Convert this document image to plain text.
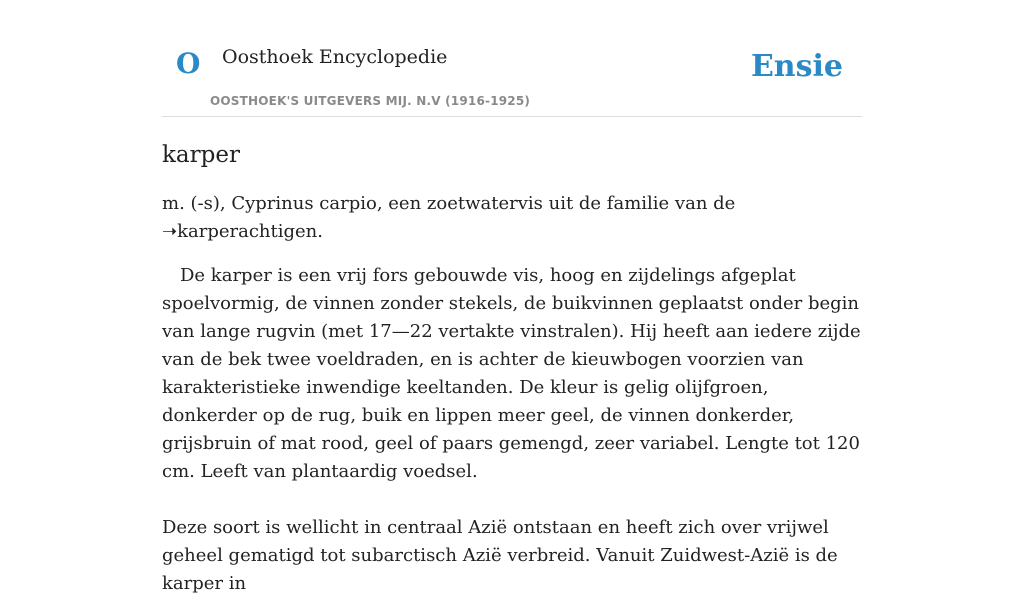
O Oosthoek Encyclopedie
OOSTHOEK'S UITGEVERS MIJ. N.V (1916-1925)
Ensie
karper

m. (-s), Cyprinus carpio, een zoetwatervis uit de familie van de ➝karperachtigen.

De karper is een vrij fors gebouwde vis, hoog en zijdelings afgeplat spoelvormig, de vinnen zonder stekels, de buikvinnen geplaatst onder begin van lange rugvin (met 17—22 vertakte vinstralen). Hij heeft aan iedere zijde van de bek twee voeldraden, en is achter de kieuwbogen voorzien van karakteristieke inwendige keeltanden. De kleur is gelig olijfgroen, donkerder op de rug, buik en lippen meer geel, de vinnen donkerder, grijsbruin of mat rood, geel of paars gemengd, zeer variabel. Lengte tot 120 cm. Leeft van plantaardig voedsel.

Deze soort is wellicht in centraal Azië ontstaan en heeft zich over vrijwel geheel gematigd tot subarctisch Azië verbreid. Vanuit Zuidwest-Azië is de karper in
